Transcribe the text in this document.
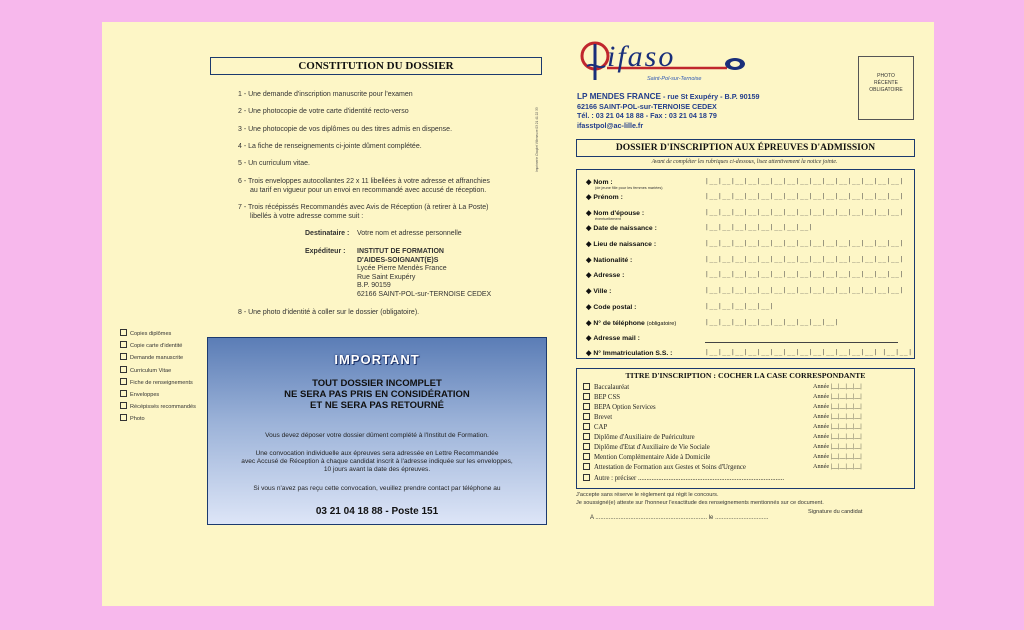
CONSTITUTION DU DOSSIER
1 - Une demande d'inscription manuscrite pour l'examen
2 - Une photocopie de votre carte d'identité recto-verso
3 - Une photocopie de vos diplômes ou des titres admis en dispense.
4 - La fiche de renseignements ci-jointe dûment complétée.
5 - Un curriculum vitae.
6 - Trois enveloppes autocollantes 22 x 11 libellées à votre adresse et affranchies
au tarif en vigueur pour un envoi en recommandé avec accusé de réception.
7 - Trois récépissés Recommandés avec Avis de Réception (à retirer à La Poste)
libellés à votre adresse comme suit :
Destinataire : Votre nom et adresse personnelle
Expéditeur : INSTITUT DE FORMATION
D'AIDES-SOIGNANT(E)S
Lycée Pierre Mendès France
Rue Saint Exupéry
B.P. 90159
62166 SAINT-POL-sur-TERNOISE CEDEX
8 - Une photo d'identité à coller sur le dossier (obligatoire).
Copies diplômes
Copie carte d'identité
Demande manuscrite
Curriculum Vitae
Fiche de renseignements
Enveloppes
Récépissés recommandés
Photo
Imprimerie Chaplet Villeneuve 03 21 41 22 33
IMPORTANT
TOUT DOSSIER INCOMPLET
NE SERA PAS PRIS EN CONSIDÉRATION
ET NE SERA PAS RETOURNÉ
Vous devez déposer votre dossier dûment complété à l'Institut de Formation.
Une convocation individuelle aux épreuves sera adressée en Lettre Recommandée
avec Accusé de Réception à chaque candidat inscrit à l'adresse indiquée sur les enveloppes,
10 jours avant la date des épreuves.
Si vous n'avez pas reçu cette convocation, veuillez prendre contact par téléphone au
03 21 04 18 88 - Poste 151
ifaso
Saint-Pol-sur-Ternoise
LP MENDES FRANCE - rue St Exupéry - B.P. 90159
62166 SAINT-POL-sur-TERNOISE CEDEX
Tél. : 03 21 04 18 88 - Fax : 03 21 04 18 79
ifasstpol@ac-lille.fr
PHOTO
RÉCENTE
OBLIGATOIRE
DOSSIER D'INSCRIPTION AUX ÉPREUVES D'ADMISSION
Avant de compléter les rubriques ci-dessous, lisez attentivement la notice jointe.
◆ Nom :	|__|__|__|__|__|__|__|__|__|__|__|__|__|__|__|
(de jeune fille pour les femmes mariées)
◆ Prénom :	|__|__|__|__|__|__|__|__|__|__|__|__|__|__|__|
◆ Nom d'épouse :	|__|__|__|__|__|__|__|__|__|__|__|__|__|__|__|
éventuellement
◆ Date de naissance :	|__|__|__|__|__|__|__|__|
◆ Lieu de naissance :	|__|__|__|__|__|__|__|__|__|__|__|__|__|__|__|
◆ Nationalité :	|__|__|__|__|__|__|__|__|__|__|__|__|__|__|__|
◆ Adresse :	|__|__|__|__|__|__|__|__|__|__|__|__|__|__|__|
◆ Ville :	|__|__|__|__|__|__|__|__|__|__|__|__|__|__|__|
◆ Code postal :	|__|__|__|__|__|
◆ N° de téléphone (obligatoire)	|__|__|__|__|__|__|__|__|__|__|
◆ Adresse mail :
◆ N° Immatriculation S.S. :	|__|__|__|__|__|__|__|__|__|__|__|__|__| |__|__|
TITRE D'INSCRIPTION : COCHER LA CASE CORRESPONDANTE
Baccalauréat	Année |__|__|__|__|
BEP CSS	Année |__|__|__|__|
BEPA Option Services	Année |__|__|__|__|
Brevet	Année |__|__|__|__|
CAP	Année |__|__|__|__|
Diplôme d'Auxiliaire de Puériculture	Année |__|__|__|__|
Diplôme d'Etat d'Auxiliaire de Vie Sociale	Année |__|__|__|__|
Mention Complémentaire Aide à Domicile	Année |__|__|__|__|
Attestation de Formation aux Gestes et Soins d'Urgence	Année |__|__|__|__|
Autre : préciser ......................................................................................
J'accepte sans réserve le règlement qui régit le concours.
Je soussigné(e) atteste sur l'honneur l'exactitude des renseignements mentionnés sur ce document.
Signature du candidat
A ................................................................... le ................................
